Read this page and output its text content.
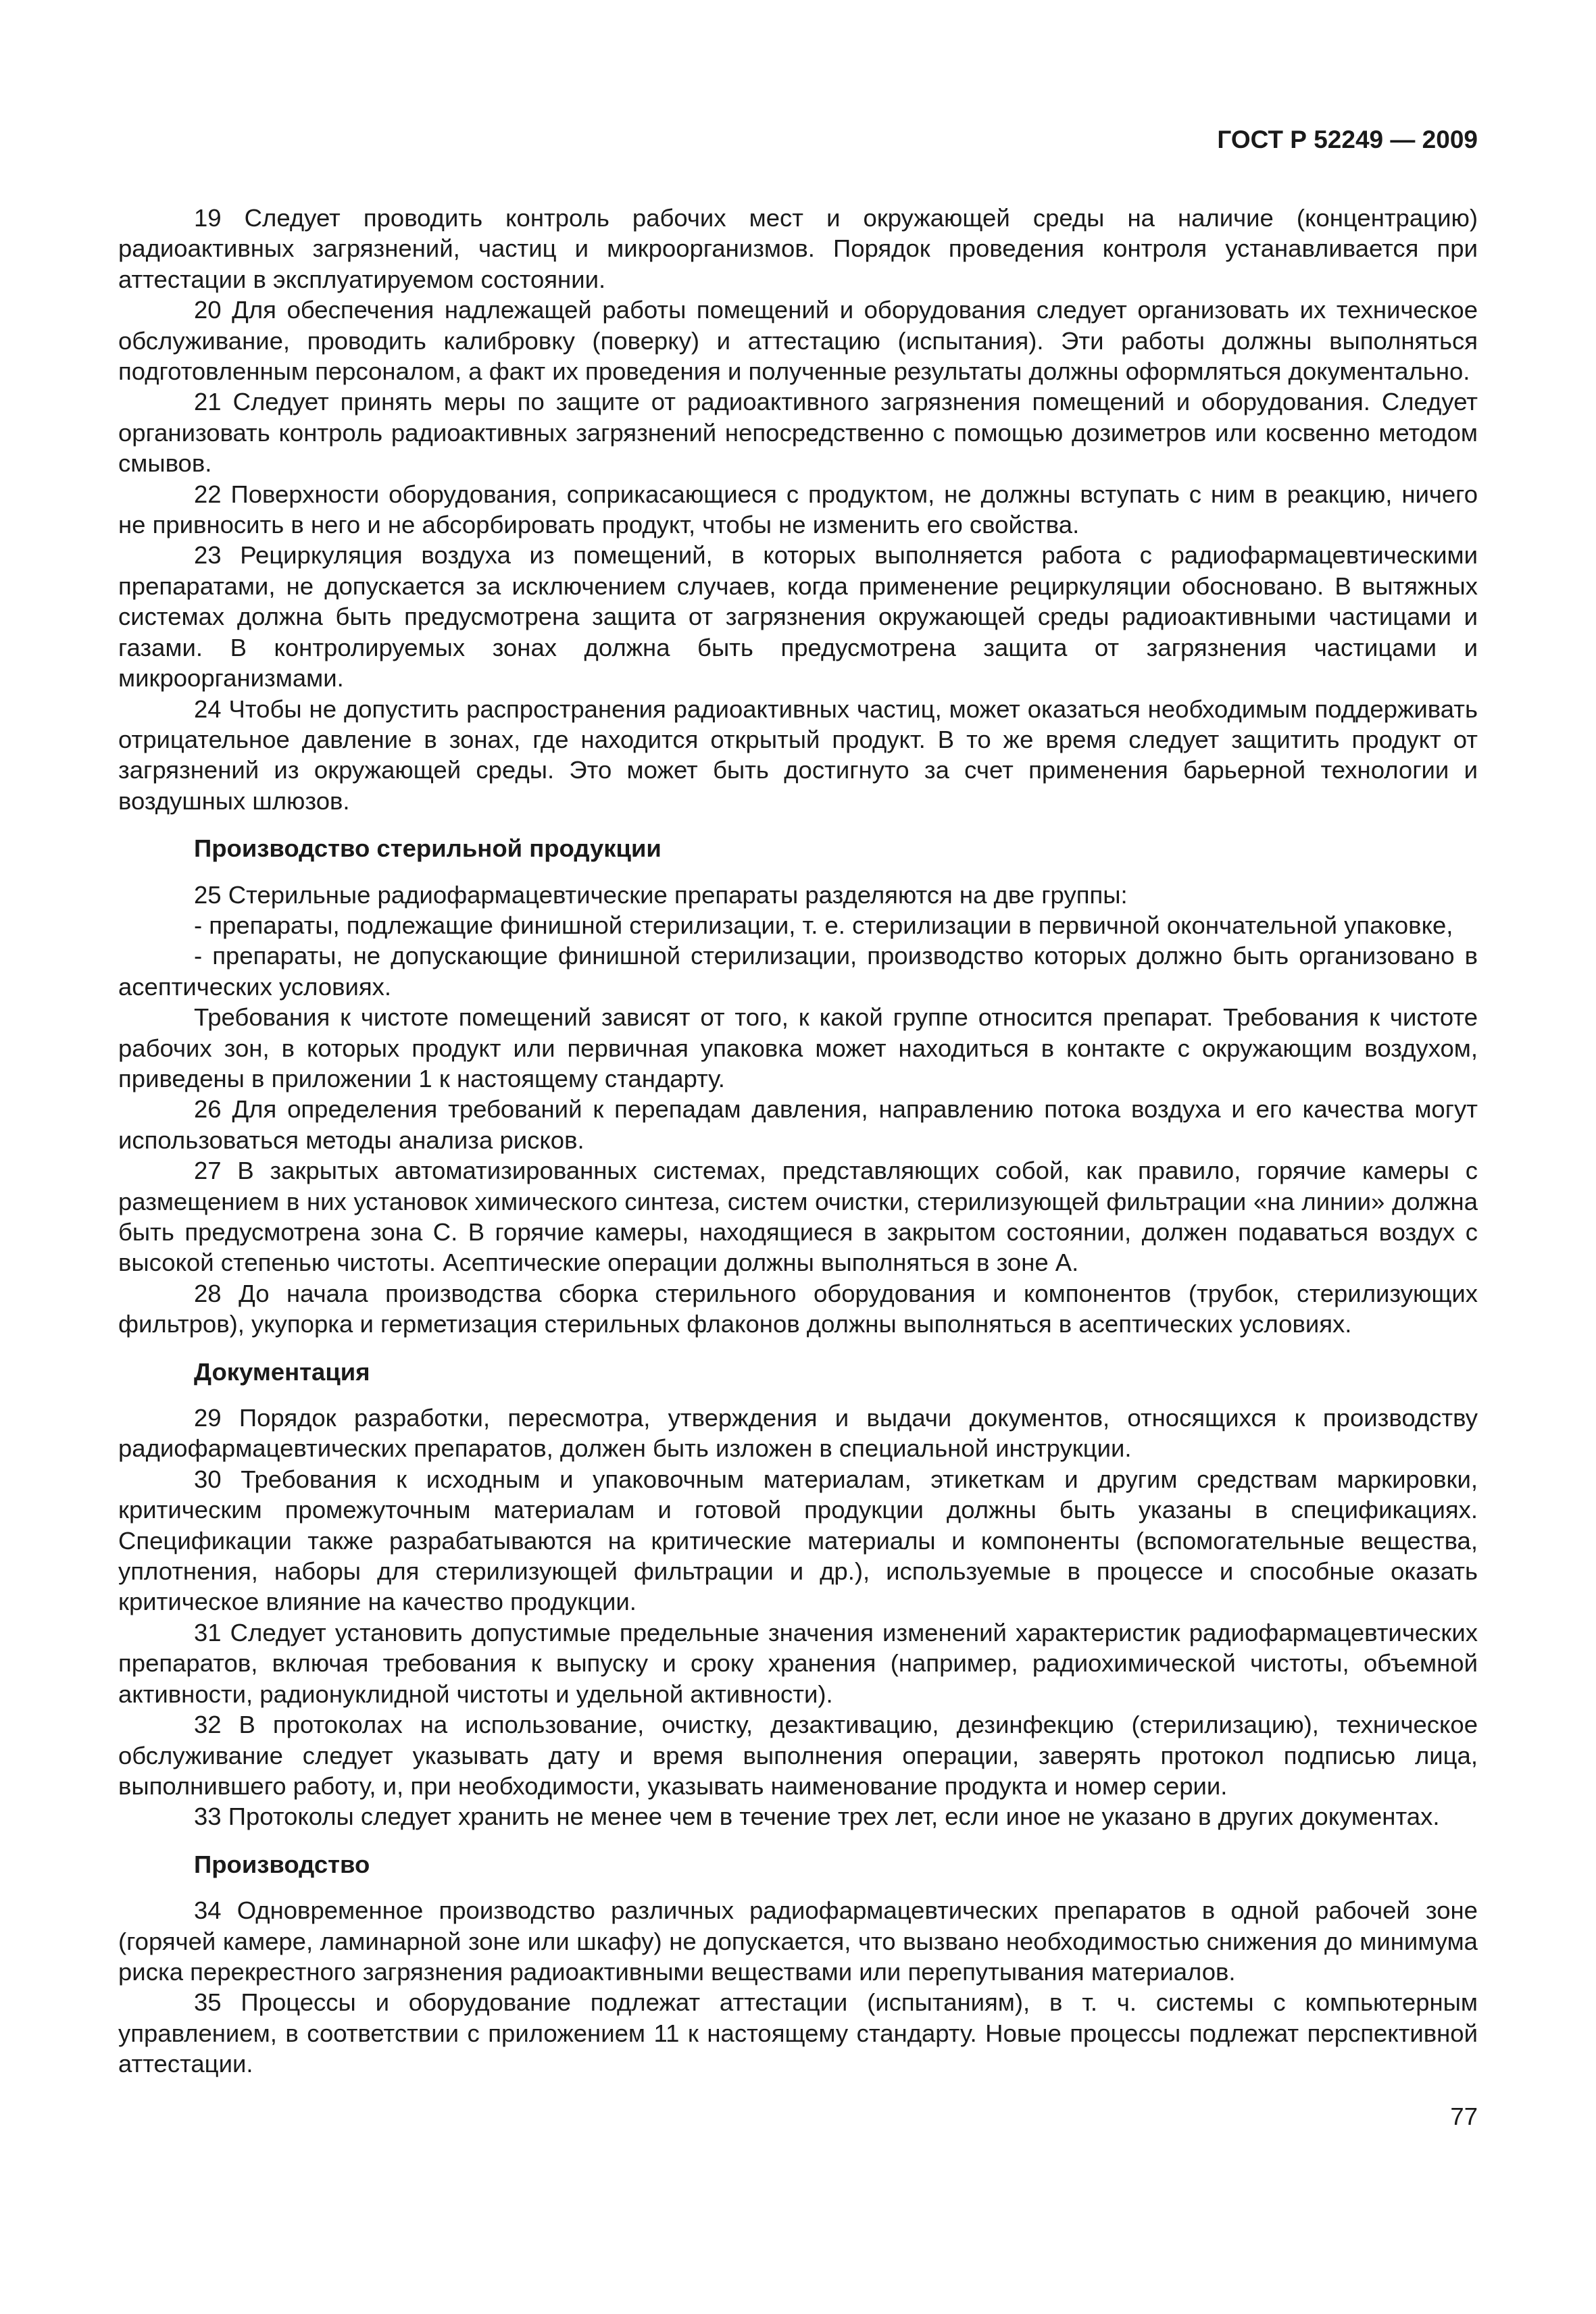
ГОСТ Р 52249 — 2009

19 Следует проводить контроль рабочих мест и окружающей среды на наличие (концентрацию) радиоактивных загрязнений, частиц и микроорганизмов. Порядок проведения контроля устанавливается при аттестации в эксплуатируемом состоянии.

20 Для обеспечения надлежащей работы помещений и оборудования следует организовать их техническое обслуживание, проводить калибровку (поверку) и аттестацию (испытания). Эти работы должны выполняться подготовленным персоналом, а факт их проведения и полученные результаты должны оформляться документально.

21 Следует принять меры по защите от радиоактивного загрязнения помещений и оборудования. Следует организовать контроль радиоактивных загрязнений непосредственно с помощью дозиметров или косвенно методом смывов.

22 Поверхности оборудования, соприкасающиеся с продуктом, не должны вступать с ним в реакцию, ничего не привносить в него и не абсорбировать продукт, чтобы не изменить его свойства.

23 Рециркуляция воздуха из помещений, в которых выполняется работа с радиофармацевтическими препаратами, не допускается за исключением случаев, когда применение рециркуляции обосновано. В вытяжных системах должна быть предусмотрена защита от загрязнения окружающей среды радиоактивными частицами и газами. В контролируемых зонах должна быть предусмотрена защита от загрязнения частицами и микроорганизмами.

24 Чтобы не допустить распространения радиоактивных частиц, может оказаться необходимым поддерживать отрицательное давление в зонах, где находится открытый продукт. В то же время следует защитить продукт от загрязнений из окружающей среды. Это может быть достигнуто за счет применения барьерной технологии и воздушных шлюзов.

Производство стерильной продукции

25 Стерильные радиофармацевтические препараты разделяются на две группы:

- препараты, подлежащие финишной стерилизации, т. е. стерилизации в первичной окончательной упаковке,

- препараты, не допускающие финишной стерилизации, производство которых должно быть организовано в асептических условиях.

Требования к чистоте помещений зависят от того, к какой группе относится препарат. Требования к чистоте рабочих зон, в которых продукт или первичная упаковка может находиться в контакте с окружающим воздухом, приведены в приложении 1 к настоящему стандарту.

26 Для определения требований к перепадам давления, направлению потока воздуха и его качества могут использоваться методы анализа рисков.

27 В закрытых автоматизированных системах, представляющих собой, как правило, горячие камеры с размещением в них установок химического синтеза, систем очистки, стерилизующей фильтрации «на линии» должна быть предусмотрена зона С. В горячие камеры, находящиеся в закрытом состоянии, должен подаваться воздух с высокой степенью чистоты. Асептические операции должны выполняться в зоне А.

28 До начала производства сборка стерильного оборудования и компонентов (трубок, стерилизующих фильтров), укупорка и герметизация стерильных флаконов должны выполняться в асептических условиях.

Документация

29 Порядок разработки, пересмотра, утверждения и выдачи документов, относящихся к производству радиофармацевтических препаратов, должен быть изложен в специальной инструкции.

30 Требования к исходным и упаковочным материалам, этикеткам и другим средствам маркировки, критическим промежуточным материалам и готовой продукции должны быть указаны в спецификациях. Спецификации также разрабатываются на критические материалы и компоненты (вспомогательные вещества, уплотнения, наборы для стерилизующей фильтрации и др.), используемые в процессе и способные оказать критическое влияние на качество продукции.

31 Следует установить допустимые предельные значения изменений характеристик радиофармацевтических препаратов, включая требования к выпуску и сроку хранения (например, радиохимической чистоты, объемной активности, радионуклидной чистоты и удельной активности).

32 В протоколах на использование, очистку, дезактивацию, дезинфекцию (стерилизацию), техническое обслуживание следует указывать дату и время выполнения операции, заверять протокол подписью лица, выполнившего работу, и, при необходимости, указывать наименование продукта и номер серии.

33 Протоколы следует хранить не менее чем в течение трех лет, если иное не указано в других документах.

Производство

34 Одновременное производство различных радиофармацевтических препаратов в одной рабочей зоне (горячей камере, ламинарной зоне или шкафу) не допускается, что вызвано необходимостью снижения до минимума риска перекрестного загрязнения радиоактивными веществами или перепутывания материалов.

35 Процессы и оборудование подлежат аттестации (испытаниям), в т. ч. системы с компьютерным управлением, в соответствии с приложением 11 к настоящему стандарту. Новые процессы подлежат перспективной аттестации.

77
